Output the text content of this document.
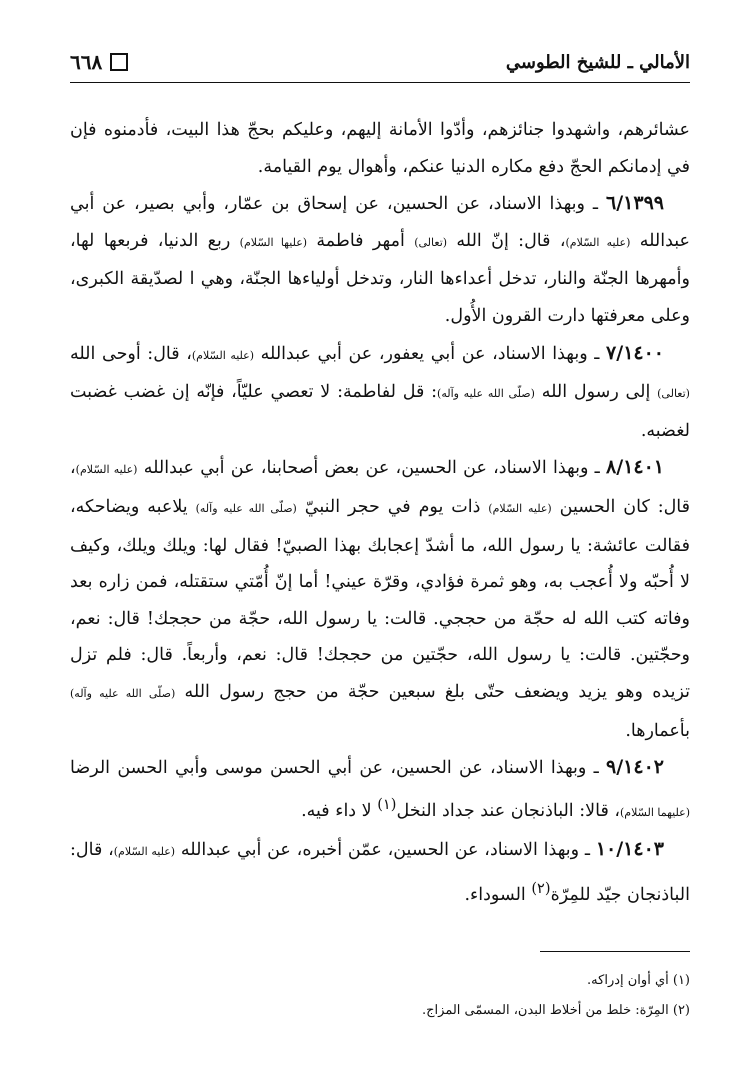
الأمالي ـ للشيخ الطوسي
٦٦٨

عشائرهم، واشهدوا جنائزهم، وأدّوا الأمانة إليهم، وعليكم بحجّ هذا البيت، فأدمنوه فإن في إدمانكم الحجّ دفع مكاره الدنيا عنكم، وأهوال يوم القيامة.

٦/١٣٩٩ ـ وبهذا الاسناد، عن الحسين، عن إسحاق بن عمّار، وأبي بصير، عن أبي عبدالله (عليه السّلام)، قال: إنّ الله (تعالى) أمهر فاطمة (عليها السّلام) ربع الدنيا، فربعها لها، وأمهرها الجنّة والنار، تدخل أعداءها النار، وتدخل أولياءها الجنّة، وهي ا لصدّيقة الكبرى، وعلى معرفتها دارت القرون الأُول.

٧/١٤٠٠ ـ وبهذا الاسناد، عن أبي يعفور، عن أبي عبدالله (عليه السّلام)، قال: أوحى الله (تعالى) إلى رسول الله (صلّى الله عليه وآله): قل لفاطمة: لا تعصي عليّاً، فإنّه إن غضب غضبت لغضبه.

٨/١٤٠١ ـ وبهذا الاسناد، عن الحسين، عن بعض أصحابنا، عن أبي عبدالله (عليه السّلام)، قال: كان الحسين (عليه السّلام) ذات يوم في حجر النبيّ (صلّى الله عليه وآله) يلاعبه ويضاحكه، فقالت عائشة: يا رسول الله، ما أشدّ إعجابك بهذا الصبيّ! فقال لها: ويلك ويلك، وكيف لا أُحبّه ولا أُعجب به، وهو ثمرة فؤادي، وقرّة عيني! أما إنّ أُمّتي ستقتله، فمن زاره بعد وفاته كتب الله له حجّة من حججي. قالت: يا رسول الله، حجّة من حججك! قال: نعم، وحجّتين. قالت: يا رسول الله، حجّتين من حججك! قال: نعم، وأربعاً. قال: فلم تزل تزيده وهو يزيد ويضعف حتّى بلغ سبعين حجّة من حجج رسول الله (صلّى الله عليه وآله) بأعمارها.

٩/١٤٠٢ ـ وبهذا الاسناد، عن الحسين، عن أبي الحسن موسى وأبي الحسن الرضا (عليهما السّلام)، قالا: الباذنجان عند جداد النخل$^{(١)}$ لا داء فيه.

١٠/١٤٠٣ ـ وبهذا الاسناد، عن الحسين، عمّن أخبره، عن أبي عبدالله (عليه السّلام)، قال: الباذنجان جيّد للمِرّة$^{(٢)}$ السوداء.

(١) أي أوان إدراكه.

(٢) المِرّة: خلط من أخلاط البدن، المسمّى المزاج.
